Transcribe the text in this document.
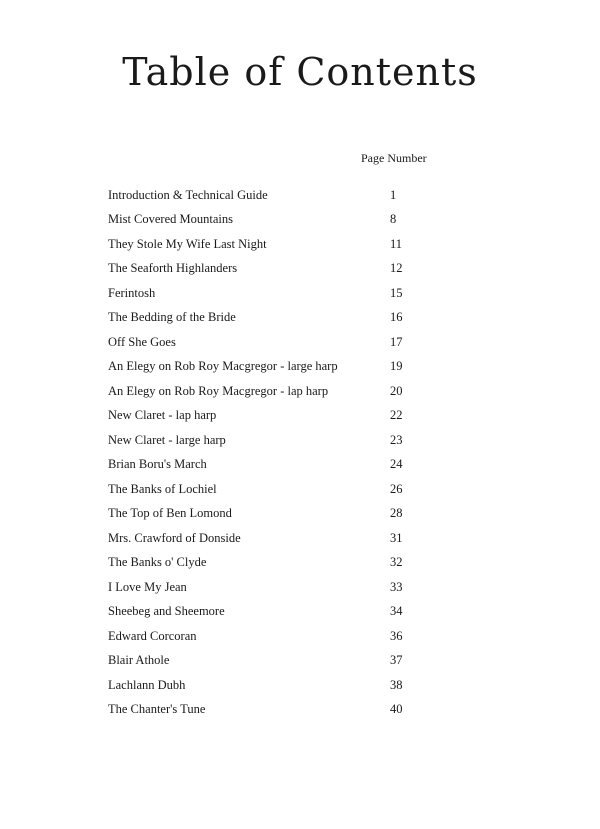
Table of Contents
Page Number
Introduction & Technical Guide	1
Mist Covered Mountains	8
They Stole My Wife Last Night	11
The Seaforth Highlanders	12
Ferintosh	15
The Bedding of the Bride	16
Off She Goes	17
An Elegy on Rob Roy Macgregor - large harp	19
An Elegy on Rob Roy Macgregor - lap harp	20
New Claret - lap harp	22
New Claret - large harp	23
Brian Boru's March	24
The Banks of Lochiel	26
The Top of Ben Lomond	28
Mrs. Crawford of Donside	31
The Banks o' Clyde	32
I Love My Jean	33
Sheebeg and Sheemore	34
Edward Corcoran	36
Blair Athole	37
Lachlann Dubh	38
The Chanter's Tune	40
